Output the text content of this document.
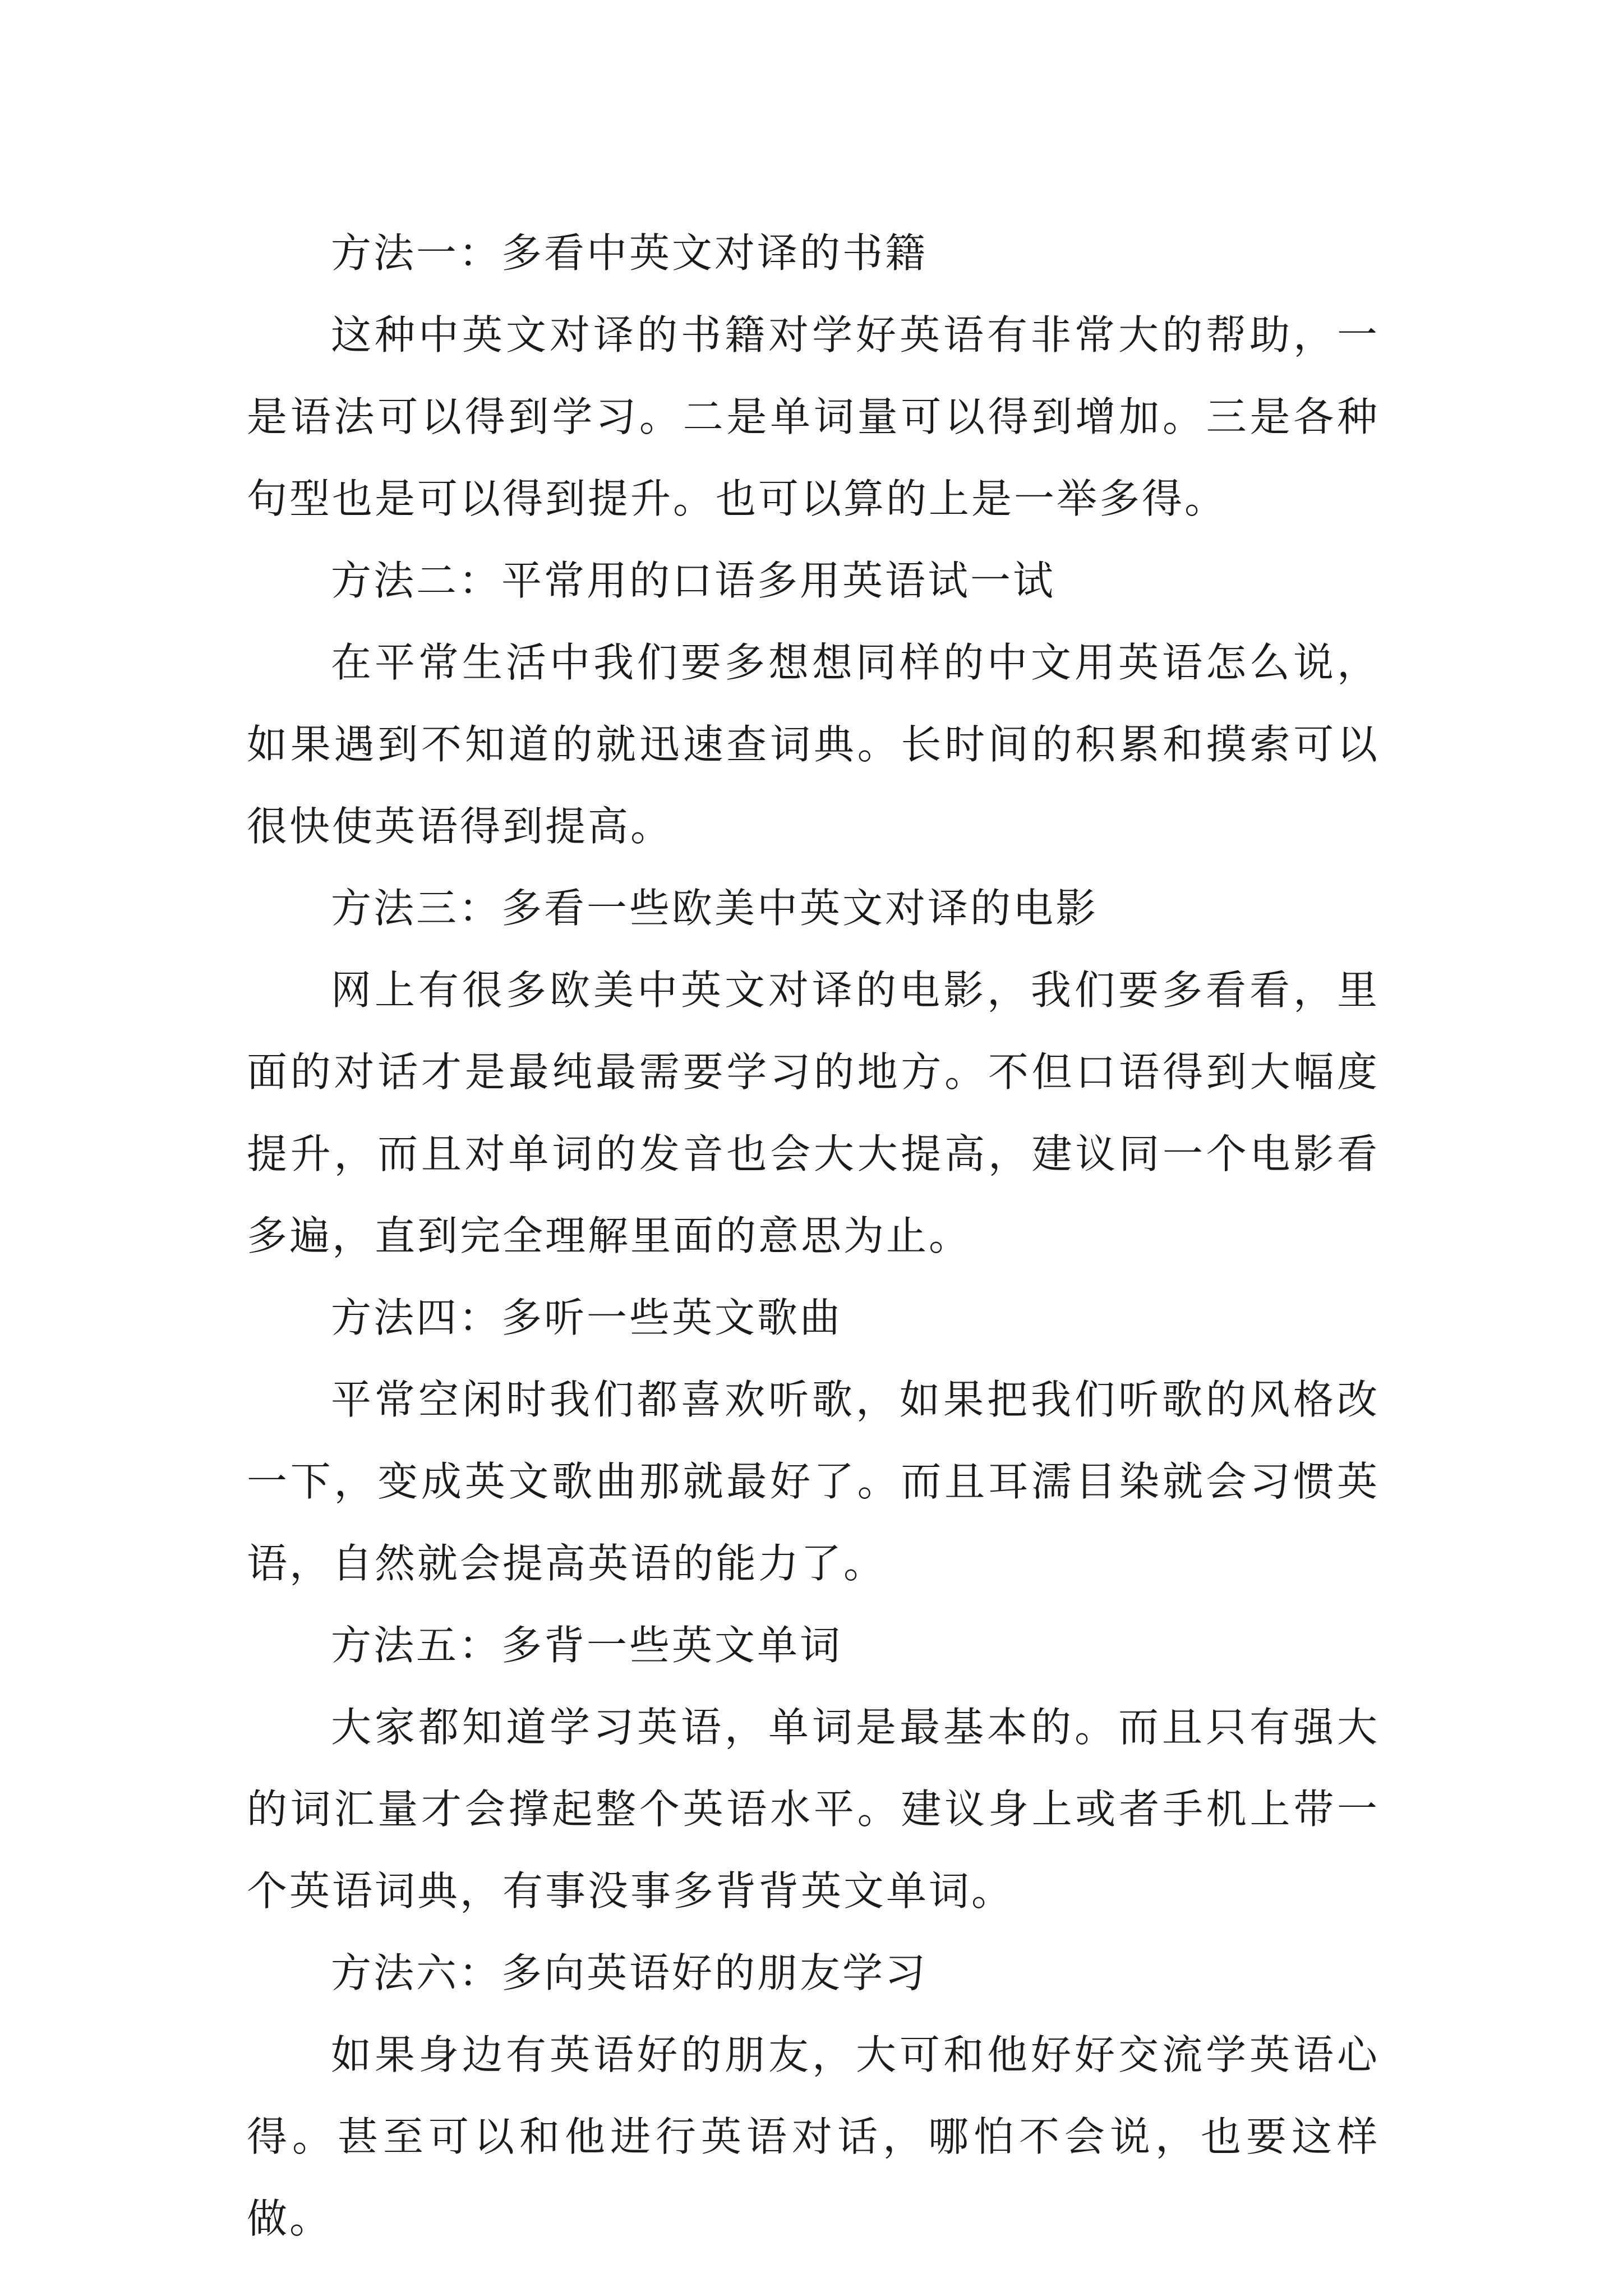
方法一：多看中英文对译的书籍

这种中英文对译的书籍对学好英语有非常大的帮助，一是语法可以得到学习。二是单词量可以得到增加。三是各种句型也是可以得到提升。也可以算的上是一举多得。

方法二：平常用的口语多用英语试一试

在平常生活中我们要多想想同样的中文用英语怎么说，如果遇到不知道的就迅速查词典。长时间的积累和摸索可以很快使英语得到提高。

方法三：多看一些欧美中英文对译的电影

网上有很多欧美中英文对译的电影，我们要多看看，里面的对话才是最纯最需要学习的地方。不但口语得到大幅度提升，而且对单词的发音也会大大提高，建议同一个电影看多遍，直到完全理解里面的意思为止。

方法四：多听一些英文歌曲

平常空闲时我们都喜欢听歌，如果把我们听歌的风格改一下，变成英文歌曲那就最好了。而且耳濡目染就会习惯英语，自然就会提高英语的能力了。

方法五：多背一些英文单词

大家都知道学习英语，单词是最基本的。而且只有强大的词汇量才会撑起整个英语水平。建议身上或者手机上带一个英语词典，有事没事多背背英文单词。

方法六：多向英语好的朋友学习

如果身边有英语好的朋友，大可和他好好交流学英语心得。甚至可以和他进行英语对话，哪怕不会说，也要这样做。
